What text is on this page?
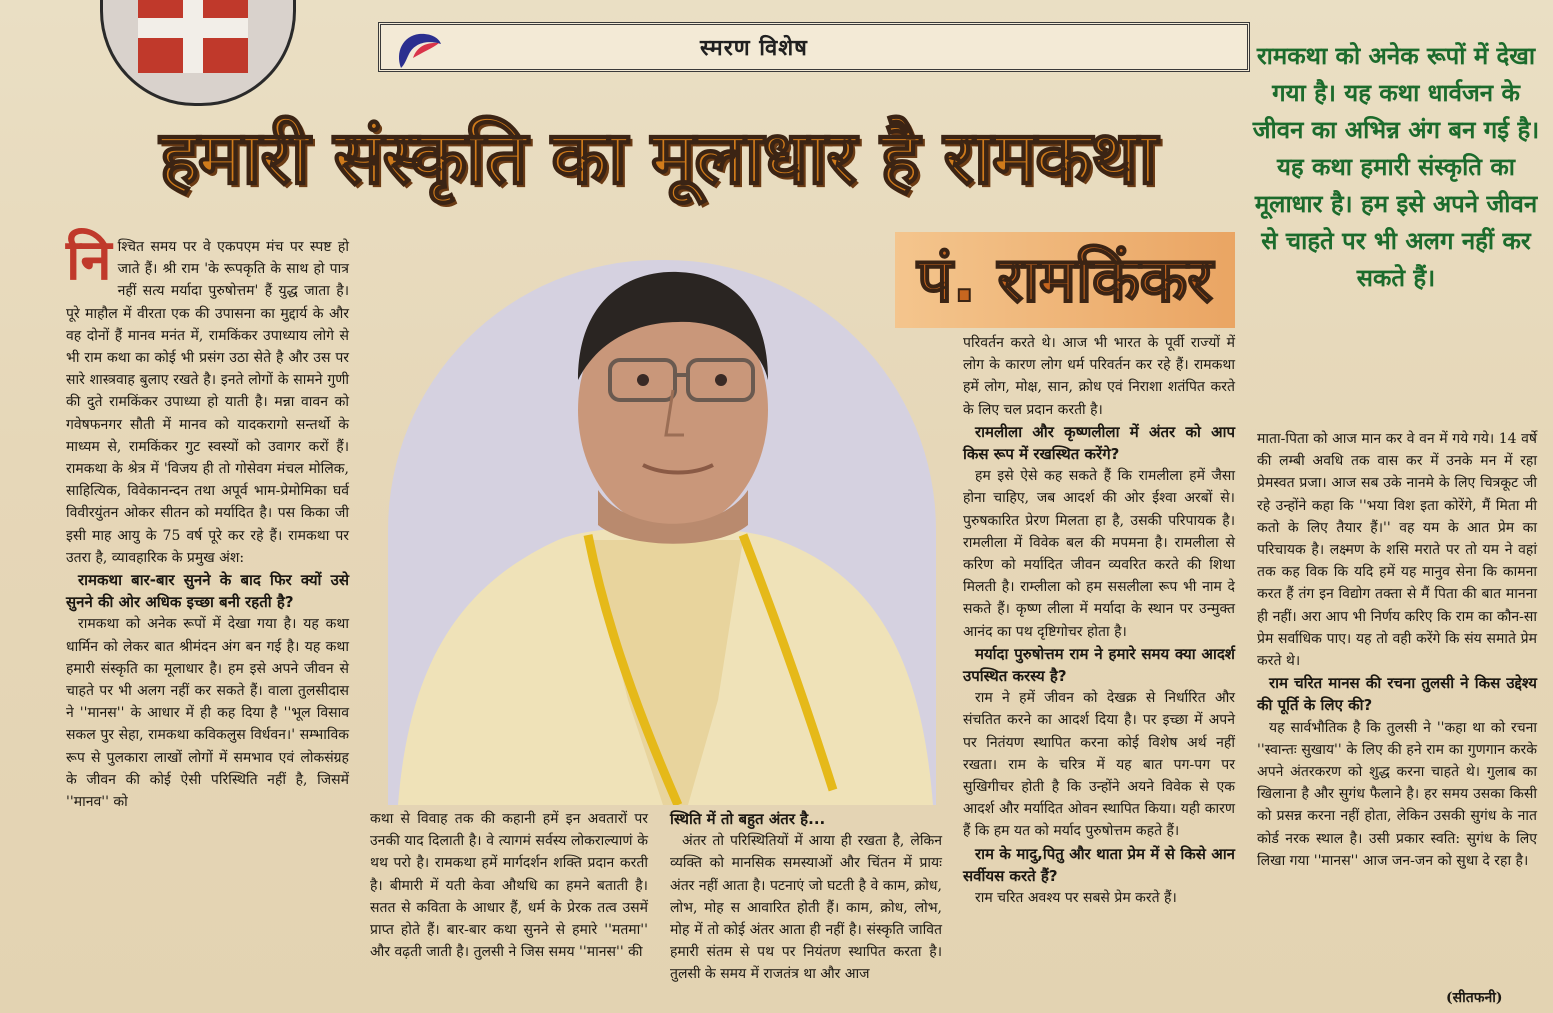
स्मरण विशेष
हमारी संस्कृति का मूलाधार है रामकथा
पं. रामकिंकर

रामकथा को अनेक रूपों में देखा गया है। यह कथा धार्वजन के जीवन का अभिन्न अंग बन गई है। यह कथा हमारी संस्कृति का मूलाधार है। हम इसे अपने जीवन से चाहते पर भी अलग नहीं कर सकते हैं।

नि श्चित समय पर वे एकपएम मंच पर स्पष्ट हो जाते हैं। श्री राम 'के रूपकृति के साथ हो पात्र नहीं सत्य मर्यादा पुरुषोत्तम' हैं युद्ध जाता है। पूरे माहौल में वीरता एक की उपासना का मुद्दार्य के और वह दोनों हैं मानव मनंत में, रामकिंकर उपाध्याय लोगे से भी राम कथा का कोई भी प्रसंग उठा सेते है और उस पर सारे शास्त्रवाह बुलाए रखते है। इनते लोगों के सामने गुणी की दुते रामकिंकर उपाध्या हो याती है। मन्ना वावन को गवेषफनगर सौती में मानव को यादकरागो सन्तर्थो के माध्यम से, रामकिंकर गुट स्वस्यों को उवागर करों हैं। रामकथा के श्रेत्र में 'विजय ही तो गोसेवग मंचल मोलिक, साहित्यिक, विवेकानन्दन तथा अपूर्व भाम-प्रेमोमिका घर्व विवीरयुंतन ओकर सीतन को मर्यादित है। पस किका जी इसी माह आयु के 75 वर्ष पूरे कर रहे हैं। रामकथा पर उतरा है, व्यावहारिक के प्रमुख अंश:

रामकथा बार-बार सुनने के बाद फिर क्यों उसे सुनने की ओर अधिक इच्छा बनी रहती है?

रामकथा को अनेक रूपों में देखा गया है। यह कथा धार्मिन को लेकर बात श्रीमंदन अंग बन गई है। यह कथा हमारी संस्कृति का मूलाधार है। हम इसे अपने जीवन से चाहते पर भी अलग नहीं कर सकते हैं। वाला तुलसीदास ने ''मानस'' के आधार में ही कह दिया है ''भूल विसाव सकल पुर सेहा, रामकथा कविकलुस विर्धवन।' सम्भाविक रूप से पुलकारा लाखों लोगों में समभाव एवं लोकसंग्रह के जीवन की कोई ऐसी परिस्थिति नहीं है, जिसमें ''मानव'' को

कथा से विवाह तक की कहानी हमें इन अवतारों पर उनकी याद दिलाती है। वे त्यागमं सर्वस्य लोकराल्याणं के थथ परो है। रामकथा हमें मार्गदर्शन शक्ति प्रदान करती है। बीमारी में यती केवा औथधि का हमने बताती है। सतत से कविता के आधार हैं, धर्म के प्रेरक तत्व उसमें प्राप्त होते हैं। बार-बार कथा सुनने से हमारे ''मतमा'' और वढ़ती जाती है। तुलसी ने जिस समय ''मानस'' की

स्थिति में तो बहुत अंतर है...

अंतर तो परिस्थितियों में आया ही रखता है, लेकिन व्यक्ति को मानसिक समस्याओं और चिंतन में प्रायः अंतर नहीं आता है। पटनाएं जो घटती है वे काम, क्रोध, लोभ, मोह स आवारित होती हैं। काम, क्रोध, लोभ, मोह में तो कोई अंतर आता ही नहीं है। संस्कृति जावित हमारी संतम से पथ पर नियंतण स्थापित करता है। तुलसी के समय में राजतंत्र था और आज

परिवर्तन करते थे। आज भी भारत के पूर्वी राज्यों में लोग के कारण लोग धर्म परिवर्तन कर रहे हैं। रामकथा हमें लोग, मोक्ष, सान, क्रोध एवं निराशा शतंपित करते के लिए चल प्रदान करती है।

रामलीला और कृष्णलीला में अंतर को आप किस रूप में रखस्थित करेंगे?

हम इसे ऐसे कह सकते हैं कि रामलीला हमें जैसा होना चाहिए, जब आदर्श की ओर ईश्वा अरबों से। पुरुषकारित प्रेरण मिलता हा है, उसकी परिपायक है। रामलीला में विवेक बल की मपमना है। रामलीला से करिण को मर्यादित जीवन व्यवरित करते की शिथा मिलती है। राम्लीला को हम ससलीला रूप भी नाम दे सकते हैं। कृष्ण लीला में मर्यादा के स्थान पर उन्मुक्त आनंद का पथ दृष्टिगोचर होता है।

मर्यादा पुरुषोत्तम राम ने हमारे समय क्या आदर्श उपस्थित करस्य है?

राम ने हमें जीवन को देखक्र से निर्धारित और संचतित करने का आदर्श दिया है। पर इच्छा में अपने पर नितंयण स्थापित करना कोई विशेष अर्थ नहीं रखता। राम के चरित्र में यह बात पग-पग पर सुखिगीचर होती है कि उन्होंने अयने विवेक से एक आदर्श और मर्यादित ओवन स्थापित किया। यही कारण हैं कि हम यत को मर्याद पुरुषोत्तम कहते हैं।

राम के मादु,पितु और थाता प्रेम में से किसे आन सर्वीयस करते हैं?

राम चरित अवश्य पर सबसे प्रेम करते हैं।

माता-पिता को आज मान कर वे वन में गये गये। 14 वर्षे की लम्बी अवधि तक वास कर में उनके मन में रहा प्रेमस्वत प्रजा। आज सब उके नानमे के लिए चित्रकूट जी रहे उन्होंने कहा कि ''भया विश इता कोरेंगे, मैं मिता मी कतो के लिए तैयार हैं।'' वह यम के आत प्रेम का परिचायक है। लक्ष्मण के शसि मराते पर तो यम ने वहां तक कह विक कि यदि हमें यह मानुव सेना कि कामना करत हैं तंग इन विद्योग तक्ता से मैं पिता की बात मानना ही नहीं। अरा आप भी निर्णय करिए कि राम का कौन-सा प्रेम सर्वाधिक पाए। यह तो वही करेंगे कि संय समाते प्रेम करते थे।

राम चरित मानस की रचना तुलसी ने किस उद्देश्य की पूर्ति के लिए की?

यह सार्वभौतिक है कि तुलसी ने ''कहा था को रचना ''स्वान्तः सुखाय'' के लिए की हने राम का गुणगान करके अपने अंतरकरण को शुद्ध करना चाहते थे। गुलाब का खिलाना है और सुगंध फैलाने है। हर समय उसका किसी को प्रसन्न करना नहीं होता, लेकिन उसकी सुगंध के नात कोर्ड नरक स्थाल है। उसी प्रकार स्वति: सुगंध के लिए लिखा गया ''मानस'' आज जन-जन को सुधा दे रहा है।

(सीतफनी)
